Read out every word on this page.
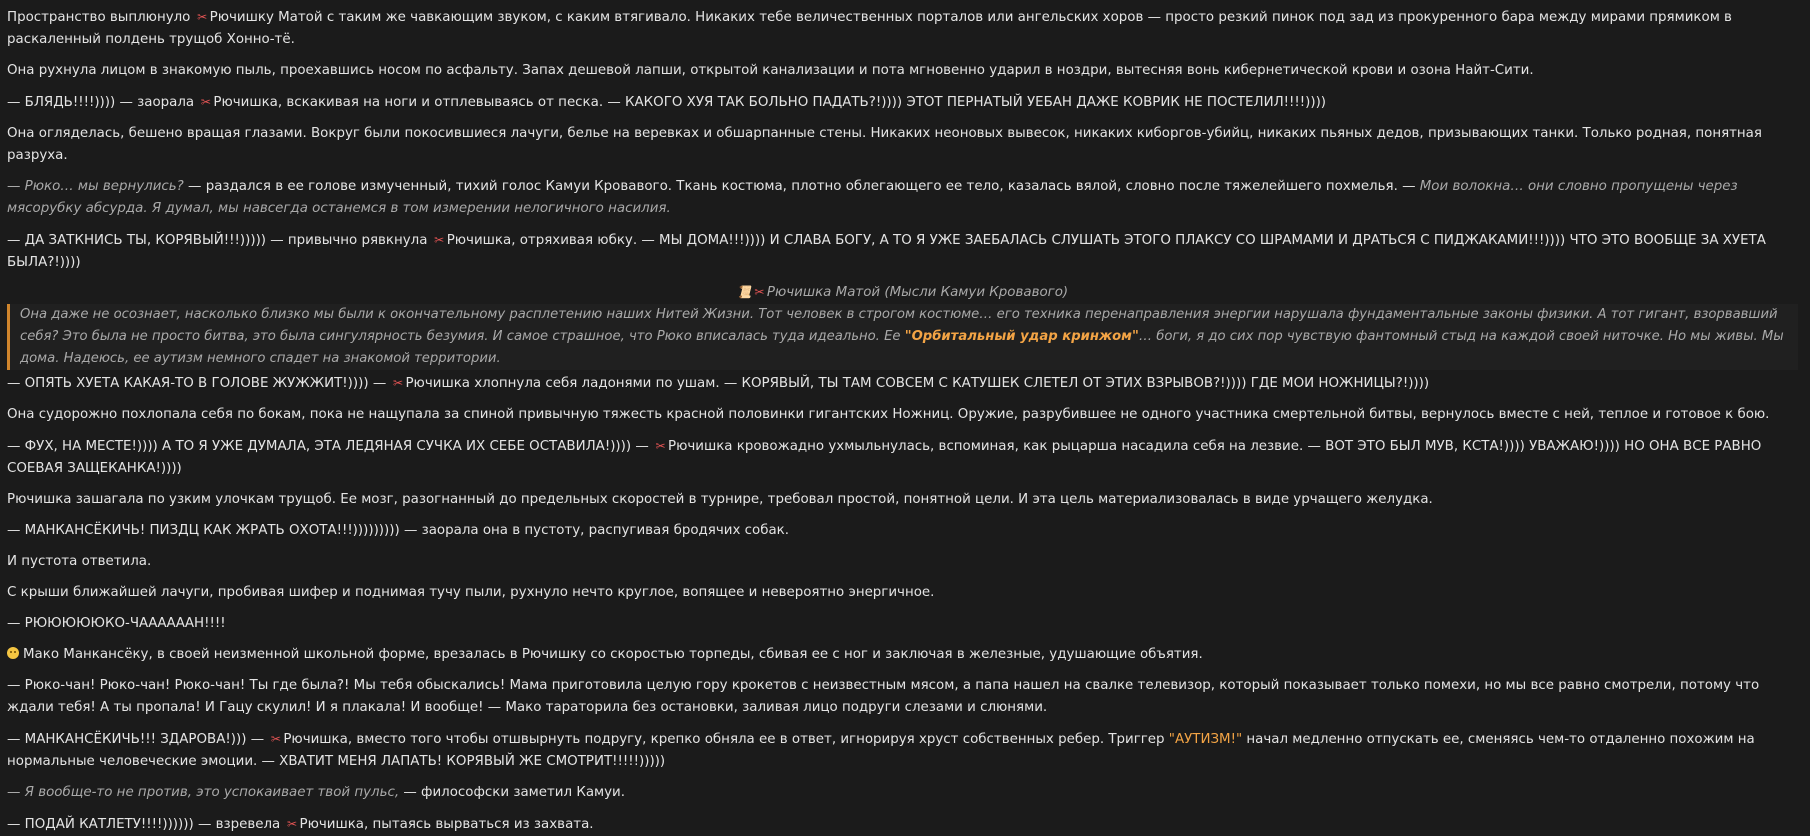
Пространство выплюнуло ✂ Рючишку Матой с таким же чавкающим звуком, с каким втягивало. Никаких тебе величественных порталов или ангельских хоров — просто резкий пинок под зад из прокуренного бара между мирами прямиком в раскаленный полдень трущоб Хонно-тё.

Она рухнула лицом в знакомую пыль, проехавшись носом по асфальту. Запах дешевой лапши, открытой канализации и пота мгновенно ударил в ноздри, вытесняя вонь кибернетической крови и озона Найт-Сити.

— БЛЯДЬ!!!!)))) — заорала ✂ Рючишка, вскакивая на ноги и отплевываясь от песка. — КАКОГО ХУЯ ТАК БОЛЬНО ПАДАТЬ?!)))) ЭТОТ ПЕРНАТЫЙ УЕБАН ДАЖЕ КОВРИК НЕ ПОСТЕЛИЛ!!!!))))

Она огляделась, бешено вращая глазами. Вокруг были покосившиеся лачуги, белье на веревках и обшарпанные стены. Никаких неоновых вывесок, никаких киборгов-убийц, никаких пьяных дедов, призывающих танки. Только родная, понятная разруха.

— Рюко… мы вернулись? — раздался в ее голове измученный, тихий голос Камуи Кровавого. Ткань костюма, плотно облегающего ее тело, казалась вялой, словно после тяжелейшего похмелья. — Мои волокна… они словно пропущены через мясорубку абсурда. Я думал, мы навсегда останемся в том измерении нелогичного насилия.

— ДА ЗАТКНИСЬ ТЫ, КОРЯВЫЙ!!!))))) — привычно рявкнула ✂ Рючишка, отряхивая юбку. — МЫ ДОМА!!!)))) И СЛАВА БОГУ, А ТО Я УЖЕ ЗАЕБАЛАСЬ СЛУШАТЬ ЭТОГО ПЛАКСУ СО ШРАМАМИ И ДРАТЬСЯ С ПИДЖАКАМИ!!!)))) ЧТО ЭТО ВООБЩЕ ЗА ХУЕТА БЫЛА?!))))

📜 ✂ Рючишка Матой (Мысли Камуи Кровавого)
Она даже не осознает, насколько близко мы были к окончательному расплетению наших Нитей Жизни. Тот человек в строгом костюме… его техника перенаправления энергии нарушала фундаментальные законы физики. А тот гигант, взорвавший себя? Это была не просто битва, это была сингулярность безумия. И самое страшное, что Рюко вписалась туда идеально. Ее "Орбитальный удар кринжом"… боги, я до сих пор чувствую фантомный стыд на каждой своей ниточке. Но мы живы. Мы дома. Надеюсь, ее аутизм немного спадет на знакомой территории.

— ОПЯТЬ ХУЕТА КАКАЯ-ТО В ГОЛОВЕ ЖУЖЖИТ!)))) — ✂ Рючишка хлопнула себя ладонями по ушам. — КОРЯВЫЙ, ТЫ ТАМ СОВСЕМ С КАТУШЕК СЛЕТЕЛ ОТ ЭТИХ ВЗРЫВОВ?!)))) ГДЕ МОИ НОЖНИЦЫ?!))))

Она судорожно похлопала себя по бокам, пока не нащупала за спиной привычную тяжесть красной половинки гигантских Ножниц. Оружие, разрубившее не одного участника смертельной битвы, вернулось вместе с ней, теплое и готовое к бою.

— ФУХ, НА МЕСТЕ!)))) А ТО Я УЖЕ ДУМАЛА, ЭТА ЛЕДЯНАЯ СУЧКА ИХ СЕБЕ ОСТАВИЛА!)))) — ✂ Рючишка кровожадно ухмыльнулась, вспоминая, как рыцарша насадила себя на лезвие. — ВОТ ЭТО БЫЛ МУВ, КСТА!)))) УВАЖАЮ!)))) НО ОНА ВСЕ РАВНО СОЕВАЯ ЗАЩЕКАНКА!))))

Рючишка зашагала по узким улочкам трущоб. Ее мозг, разогнанный до предельных скоростей в турнире, требовал простой, понятной цели. И эта цель материализовалась в виде урчащего желудка.

— МАНКАНСЁКИЧЬ! ПИЗДЦ КАК ЖРАТЬ ОХОТА!!!))))))))) — заорала она в пустоту, распугивая бродячих собак.

И пустота ответила.

С крыши ближайшей лачуги, пробивая шифер и поднимая тучу пыли, рухнуло нечто круглое, вопящее и невероятно энергичное.

— РЮЮЮЮЮКО-ЧААААААН!!!!

Мако Манкансёку, в своей неизменной школьной форме, врезалась в Рючишку со скоростью торпеды, сбивая ее с ног и заключая в железные, удушающие объятия.

— Рюко-чан! Рюко-чан! Рюко-чан! Ты где была?! Мы тебя обыскались! Мама приготовила целую гору крокетов с неизвестным мясом, а папа нашел на свалке телевизор, который показывает только помехи, но мы все равно смотрели, потому что ждали тебя! А ты пропала! И Гацу скулил! И я плакала! И вообще! — Мако тараторила без остановки, заливая лицо подруги слезами и слюнями.

— МАНКАНСЁКИЧЬ!!! ЗДАРОВА!))) — ✂ Рючишка, вместо того чтобы отшвырнуть подругу, крепко обняла ее в ответ, игнорируя хруст собственных ребер. Триггер "АУТИЗМ!" начал медленно отпускать ее, сменяясь чем-то отдаленно похожим на нормальные человеческие эмоции. — ХВАТИТ МЕНЯ ЛАПАТЬ! КОРЯВЫЙ ЖЕ СМОТРИТ!!!!!)))))

— Я вообще-то не против, это успокаивает твой пульс, — философски заметил Камуи.

— ПОДАЙ КАТЛЕТУ!!!!)))))) — взревела ✂ Рючишка, пытаясь вырваться из захвата.
